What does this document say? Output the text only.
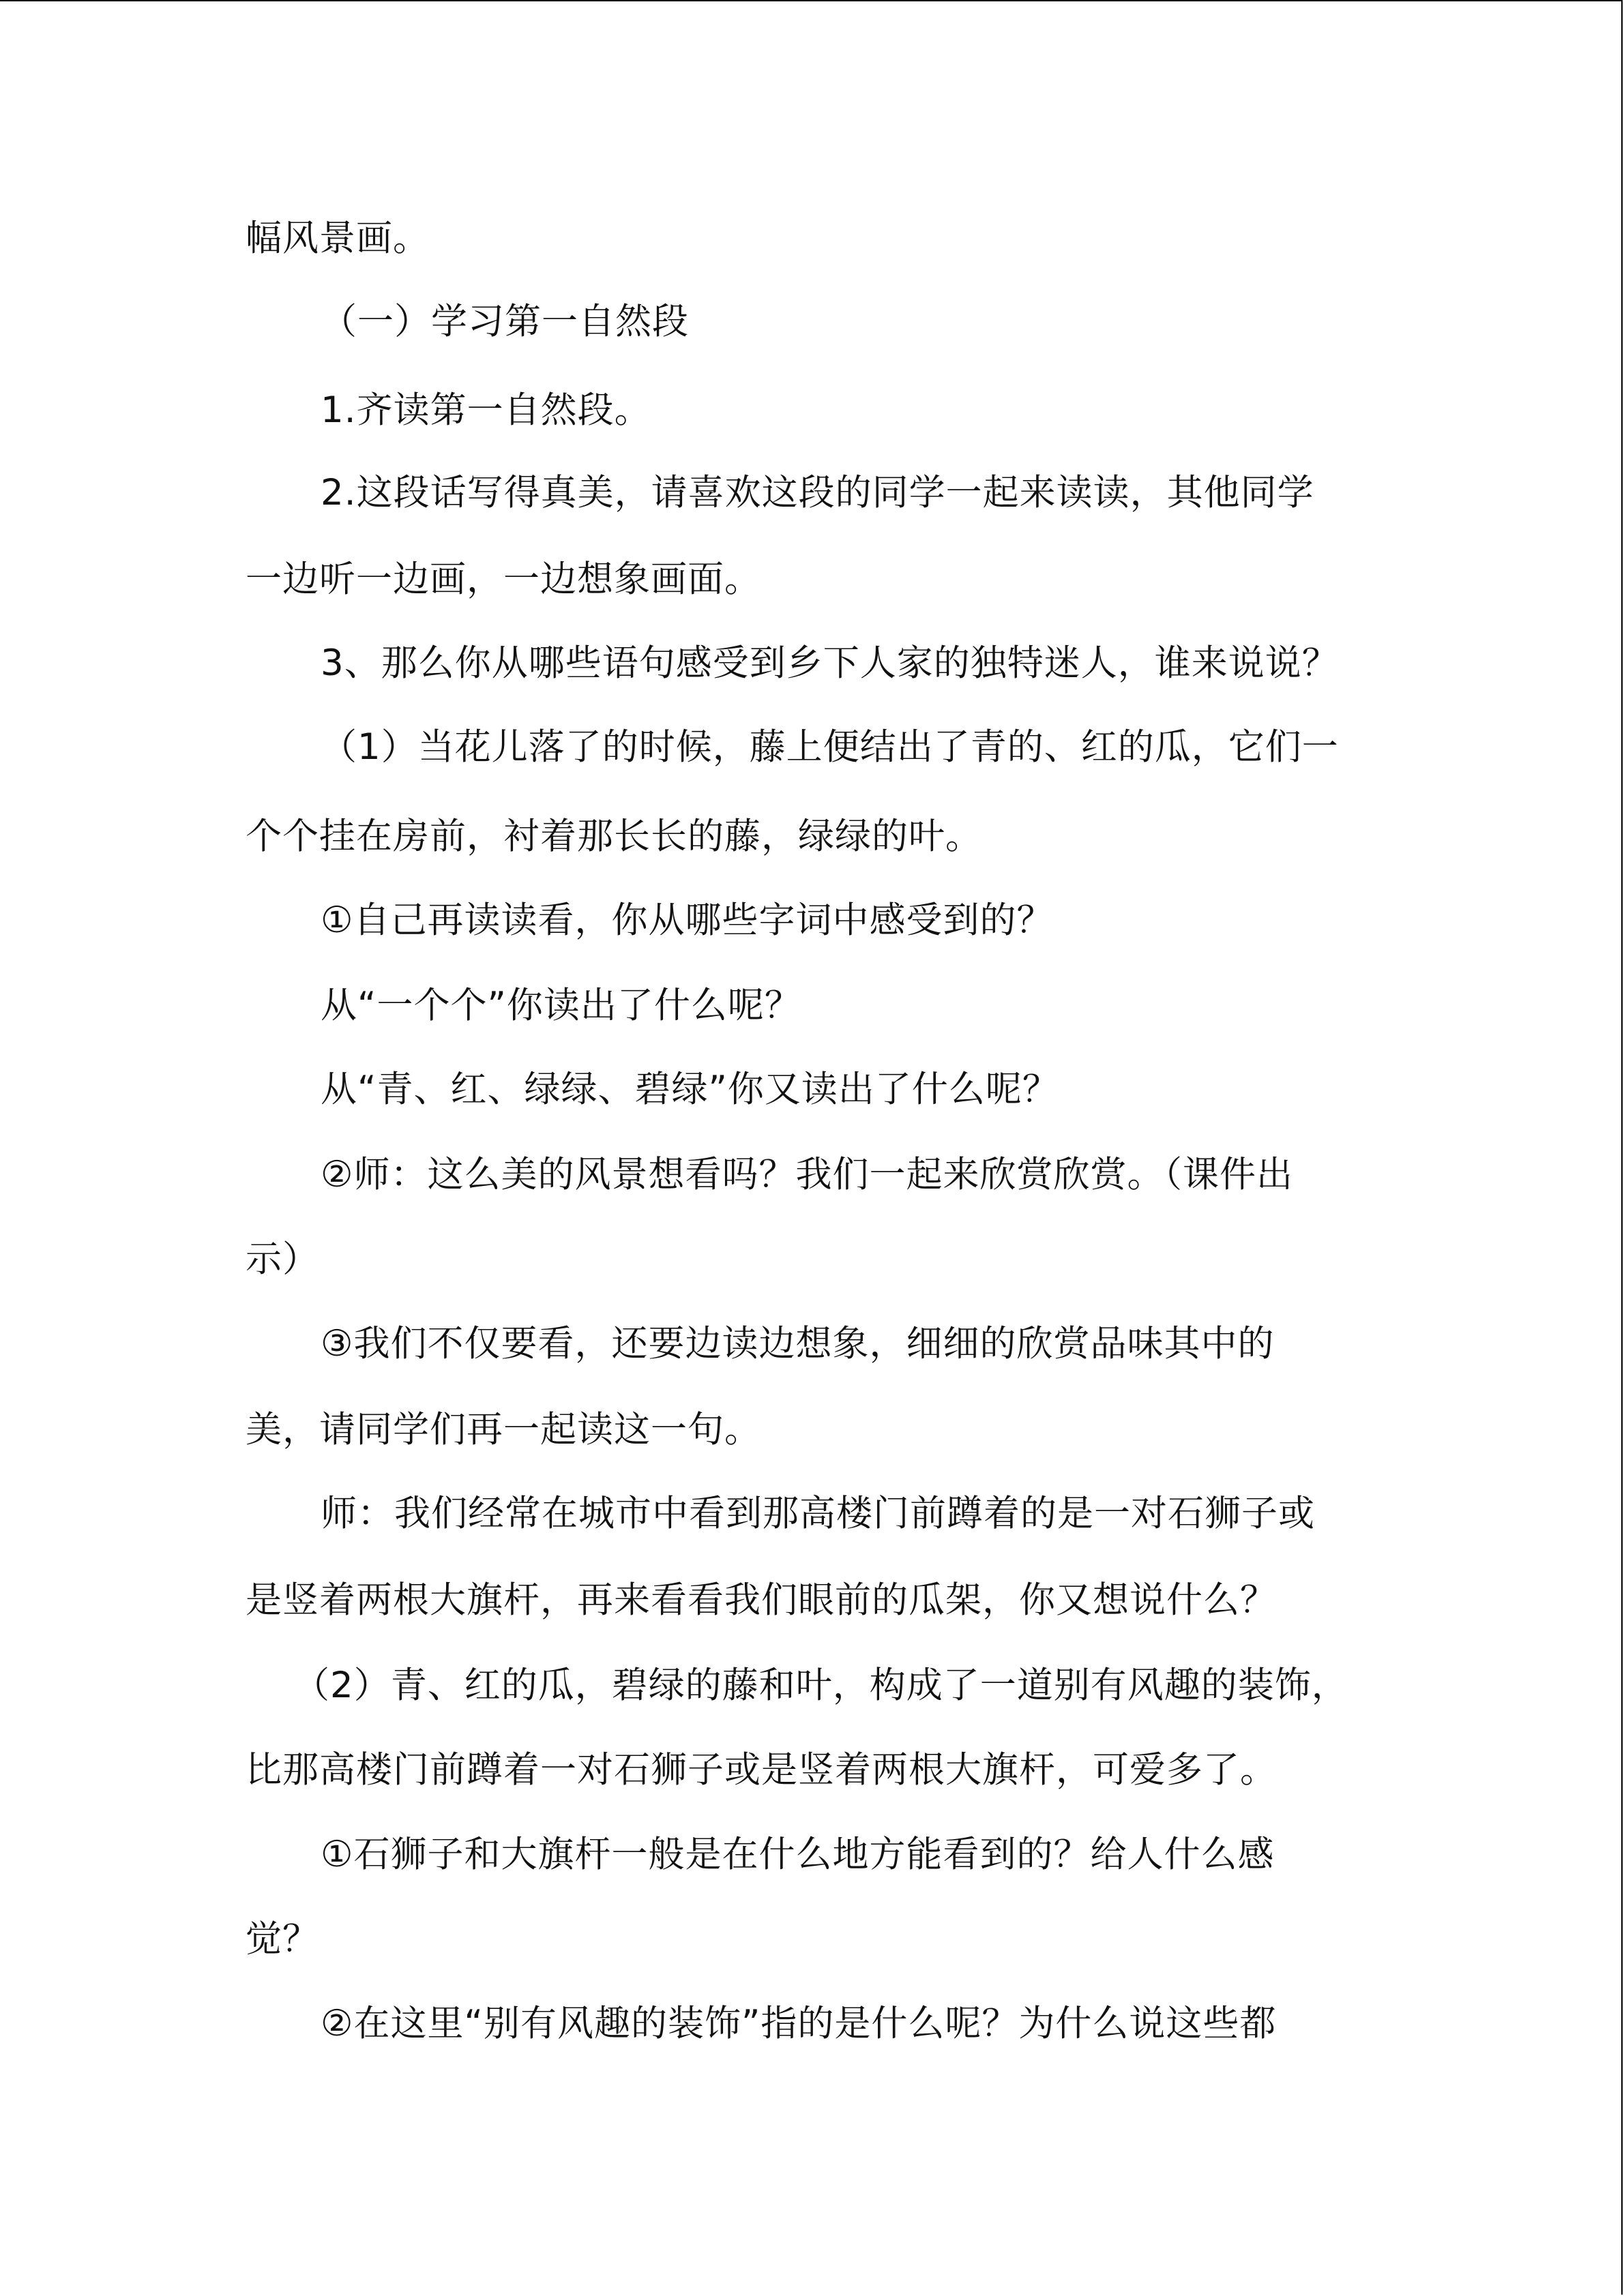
幅风景画。
（一）学习第一自然段
1.齐读第一自然段。
2.这段话写得真美，请喜欢这段的同学一起来读读，其他同学
一边听一边画，一边想象画面。
3、那么你从哪些语句感受到乡下人家的独特迷人，谁来说说？
（1）当花儿落了的时候，藤上便结出了青的、红的瓜，它们一
个个挂在房前，衬着那长长的藤，绿绿的叶。
①自己再读读看，你从哪些字词中感受到的？
从“一个个”你读出了什么呢？
从“青、红、绿绿、碧绿”你又读出了什么呢？
②师：这么美的风景想看吗？我们一起来欣赏欣赏。（课件出
示）
③我们不仅要看，还要边读边想象，细细的欣赏品味其中的
美，请同学们再一起读这一句。
师：我们经常在城市中看到那高楼门前蹲着的是一对石狮子或
是竖着两根大旗杆，再来看看我们眼前的瓜架，你又想说什么？
（2）青、红的瓜，碧绿的藤和叶，构成了一道别有风趣的装饰，
比那高楼门前蹲着一对石狮子或是竖着两根大旗杆，可爱多了。
①石狮子和大旗杆一般是在什么地方能看到的？给人什么感
觉？
②在这里“别有风趣的装饰”指的是什么呢？为什么说这些都
